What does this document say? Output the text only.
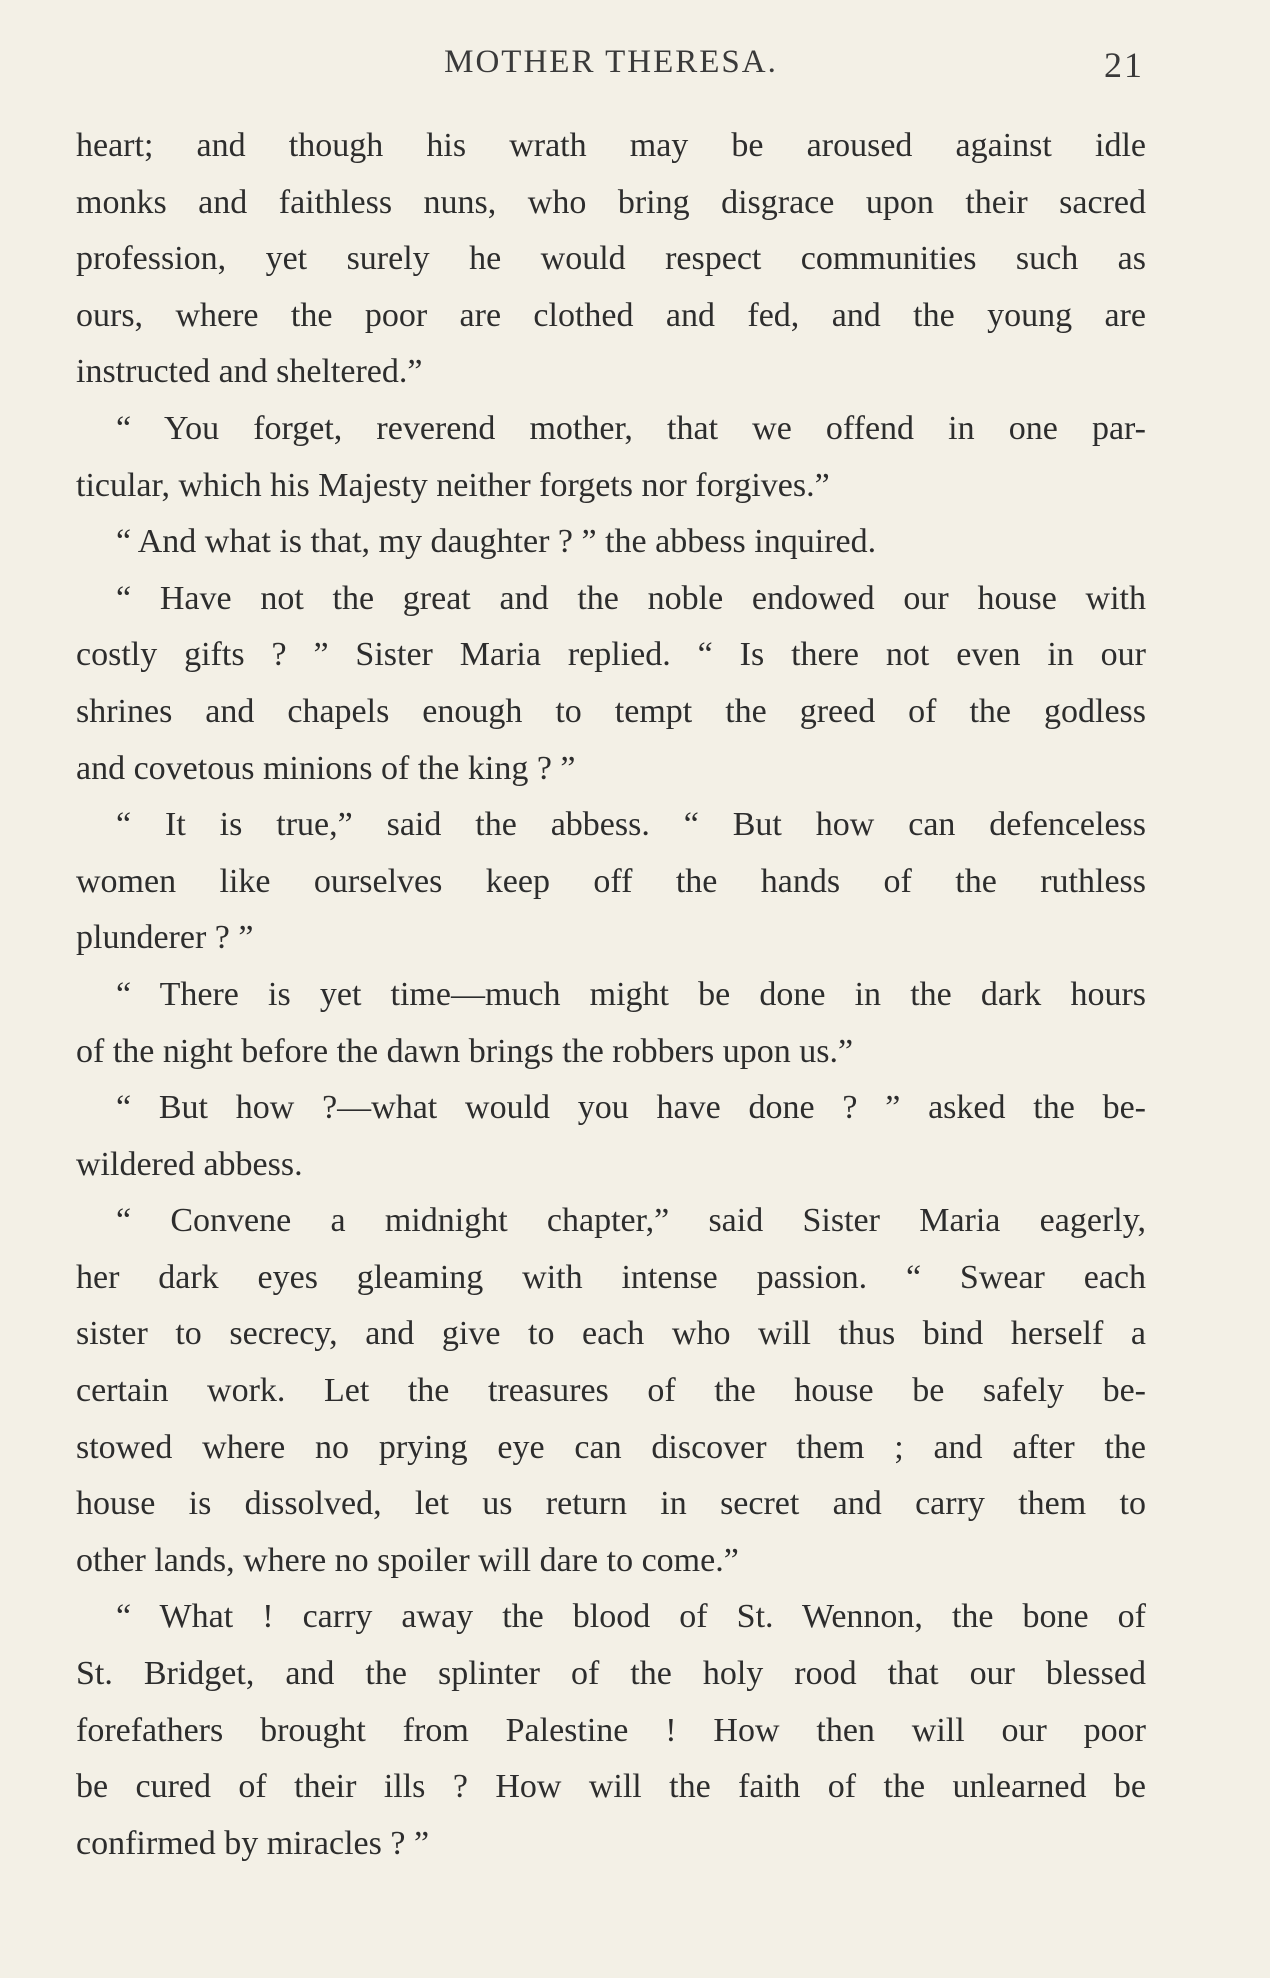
MOTHER THERESA.	21
heart; and though his wrath may be aroused against idle
monks and faithless nuns, who bring disgrace upon their sacred
profession, yet surely he would respect communities such as
ours, where the poor are clothed and fed, and the young are
instructed and sheltered.”
“ You forget, reverend mother, that we offend in one par-
ticular, which his Majesty neither forgets nor forgives.”
“ And what is that, my daughter ? ” the abbess inquired.
“ Have not the great and the noble endowed our house with
costly gifts ? ” Sister Maria replied. “ Is there not even in our
shrines and chapels enough to tempt the greed of the godless
and covetous minions of the king ? ”
“ It is true,” said the abbess. “ But how can defenceless
women like ourselves keep off the hands of the ruthless
plunderer ? ”
“ There is yet time—much might be done in the dark hours
of the night before the dawn brings the robbers upon us.”
“ But how ?—what would you have done ? ” asked the be-
wildered abbess.
“ Convene a midnight chapter,” said Sister Maria eagerly,
her dark eyes gleaming with intense passion. “ Swear each
sister to secrecy, and give to each who will thus bind herself a
certain work. Let the treasures of the house be safely be-
stowed where no prying eye can discover them ; and after the
house is dissolved, let us return in secret and carry them to
other lands, where no spoiler will dare to come.”
“ What ! carry away the blood of St. Wennon, the bone of
St. Bridget, and the splinter of the holy rood that our blessed
forefathers brought from Palestine ! How then will our poor
be cured of their ills ? How will the faith of the unlearned be
confirmed by miracles ? ”
